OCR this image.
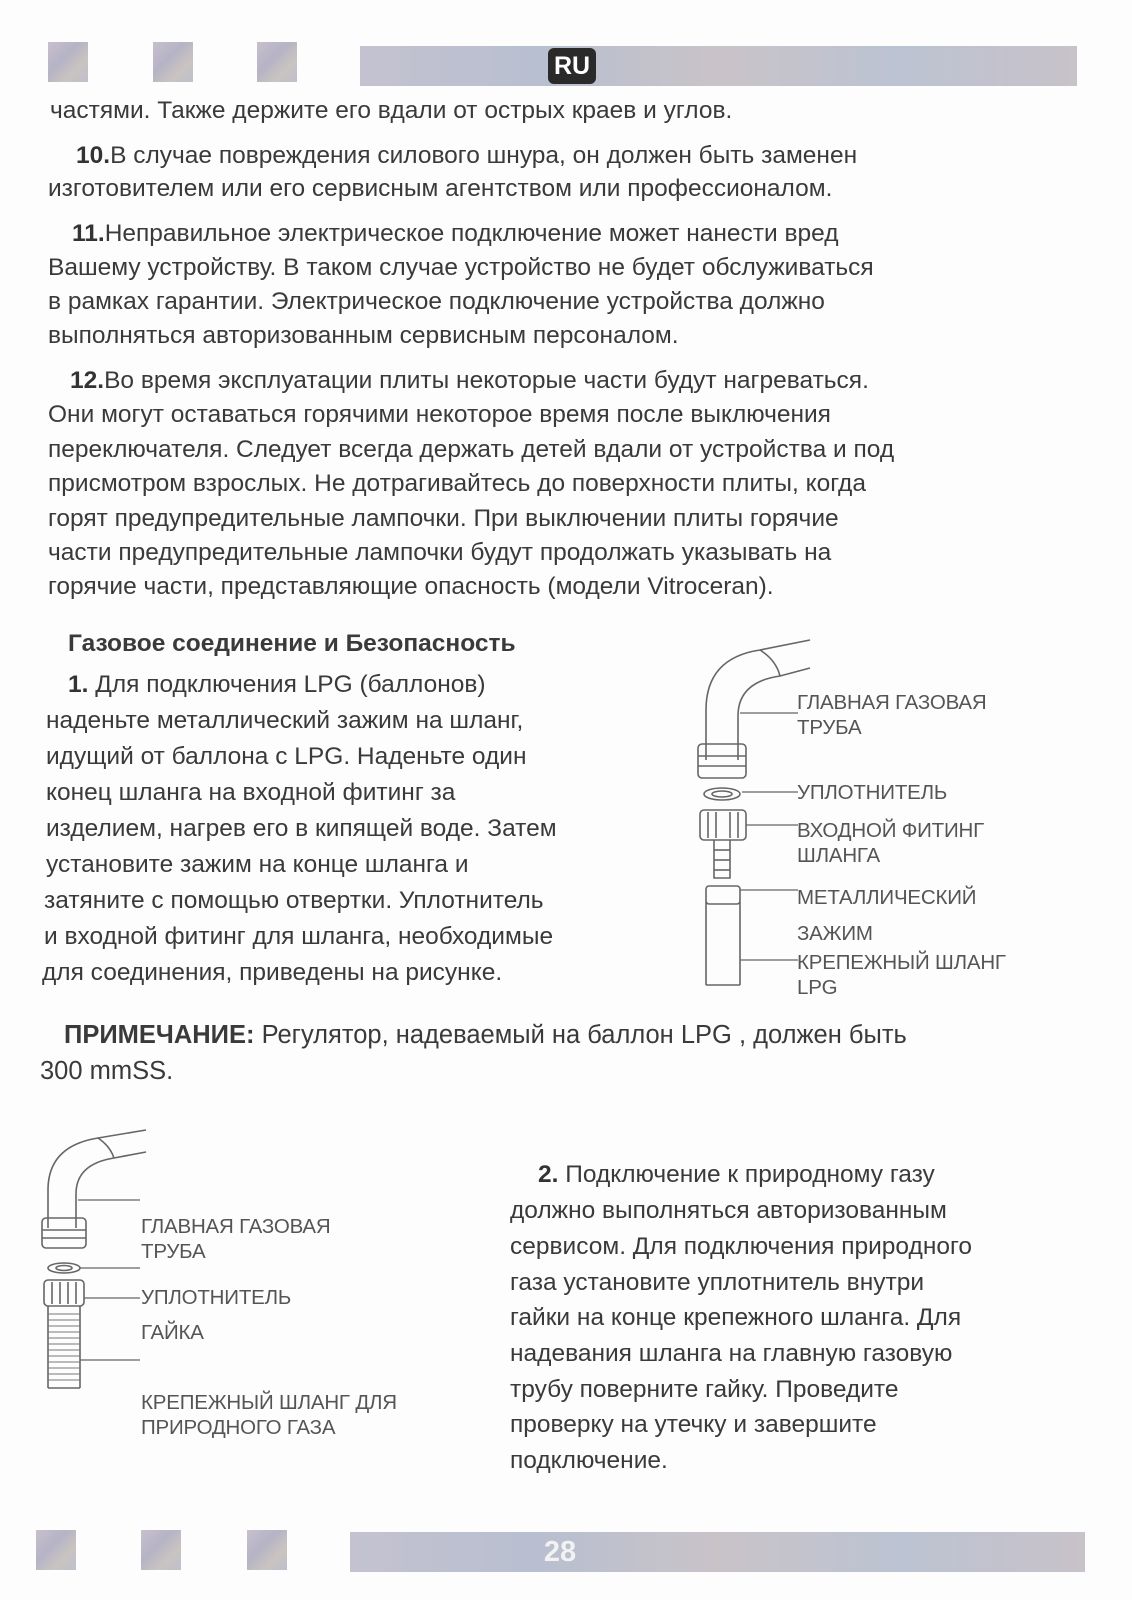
RU

частями. Также держите его вдали от острых краев и углов.

10.В случае повреждения силового шнура, он должен быть заменен

изготовителем или его сервисным агентством или профессионалом.

11.Неправильное электрическое подключение может нанести вред

Вашему устройству. В таком случае устройство не будет обслуживаться

в рамках гарантии. Электрическое подключение устройства должно

выполняться авторизованным сервисным персоналом.

12.Во время эксплуатации плиты некоторые части будут нагреваться.

Они могут оставаться горячими некоторое время после выключения

переключателя. Следует всегда держать детей вдали от устройства и под

присмотром взрослых. Не дотрагивайтесь до поверхности плиты, когда

горят предупредительные лампочки. При выключении плиты горячие

части предупредительные лампочки будут продолжать указывать на

горячие части, представляющие опасность (модели Vitroceran).

Газовое соединение и Безопасность

1. Для подключения LPG (баллонов)

наденьте металлический зажим на шланг,

идущий от баллона с LPG. Наденьте один

конец шланга на входной фитинг за

изделием, нагрев его в кипящей воде. Затем

установите зажим на конце шланга и

затяните с помощью отвертки. Уплотнитель

и входной фитинг для шланга, необходимые

для соединения, приведены на рисунке.

ГЛАВНАЯ ГАЗОВАЯ
ТРУБА
УПЛОТНИТЕЛЬ
ВХОДНОЙ ФИТИНГ
ШЛАНГА
МЕТАЛЛИЧЕСКИЙ
ЗАЖИМ
КРЕПЕЖНЫЙ ШЛАНГ
LPG

ПРИМЕЧАНИЕ: Регулятор, надеваемый на баллон LPG , должен быть

300 mmSS.

ГЛАВНАЯ ГАЗОВАЯ
ТРУБА
УПЛОТНИТЕЛЬ
ГАЙКА
КРЕПЕЖНЫЙ ШЛАНГ ДЛЯ
ПРИРОДНОГО ГАЗА

2. Подключение к природному газу

должно выполняться авторизованным

сервисом. Для подключения природного

газа установите уплотнитель внутри

гайки на конце крепежного шланга. Для

надевания шланга на главную газовую

трубу поверните гайку. Проведите

проверку на утечку и завершите

подключение.

28
